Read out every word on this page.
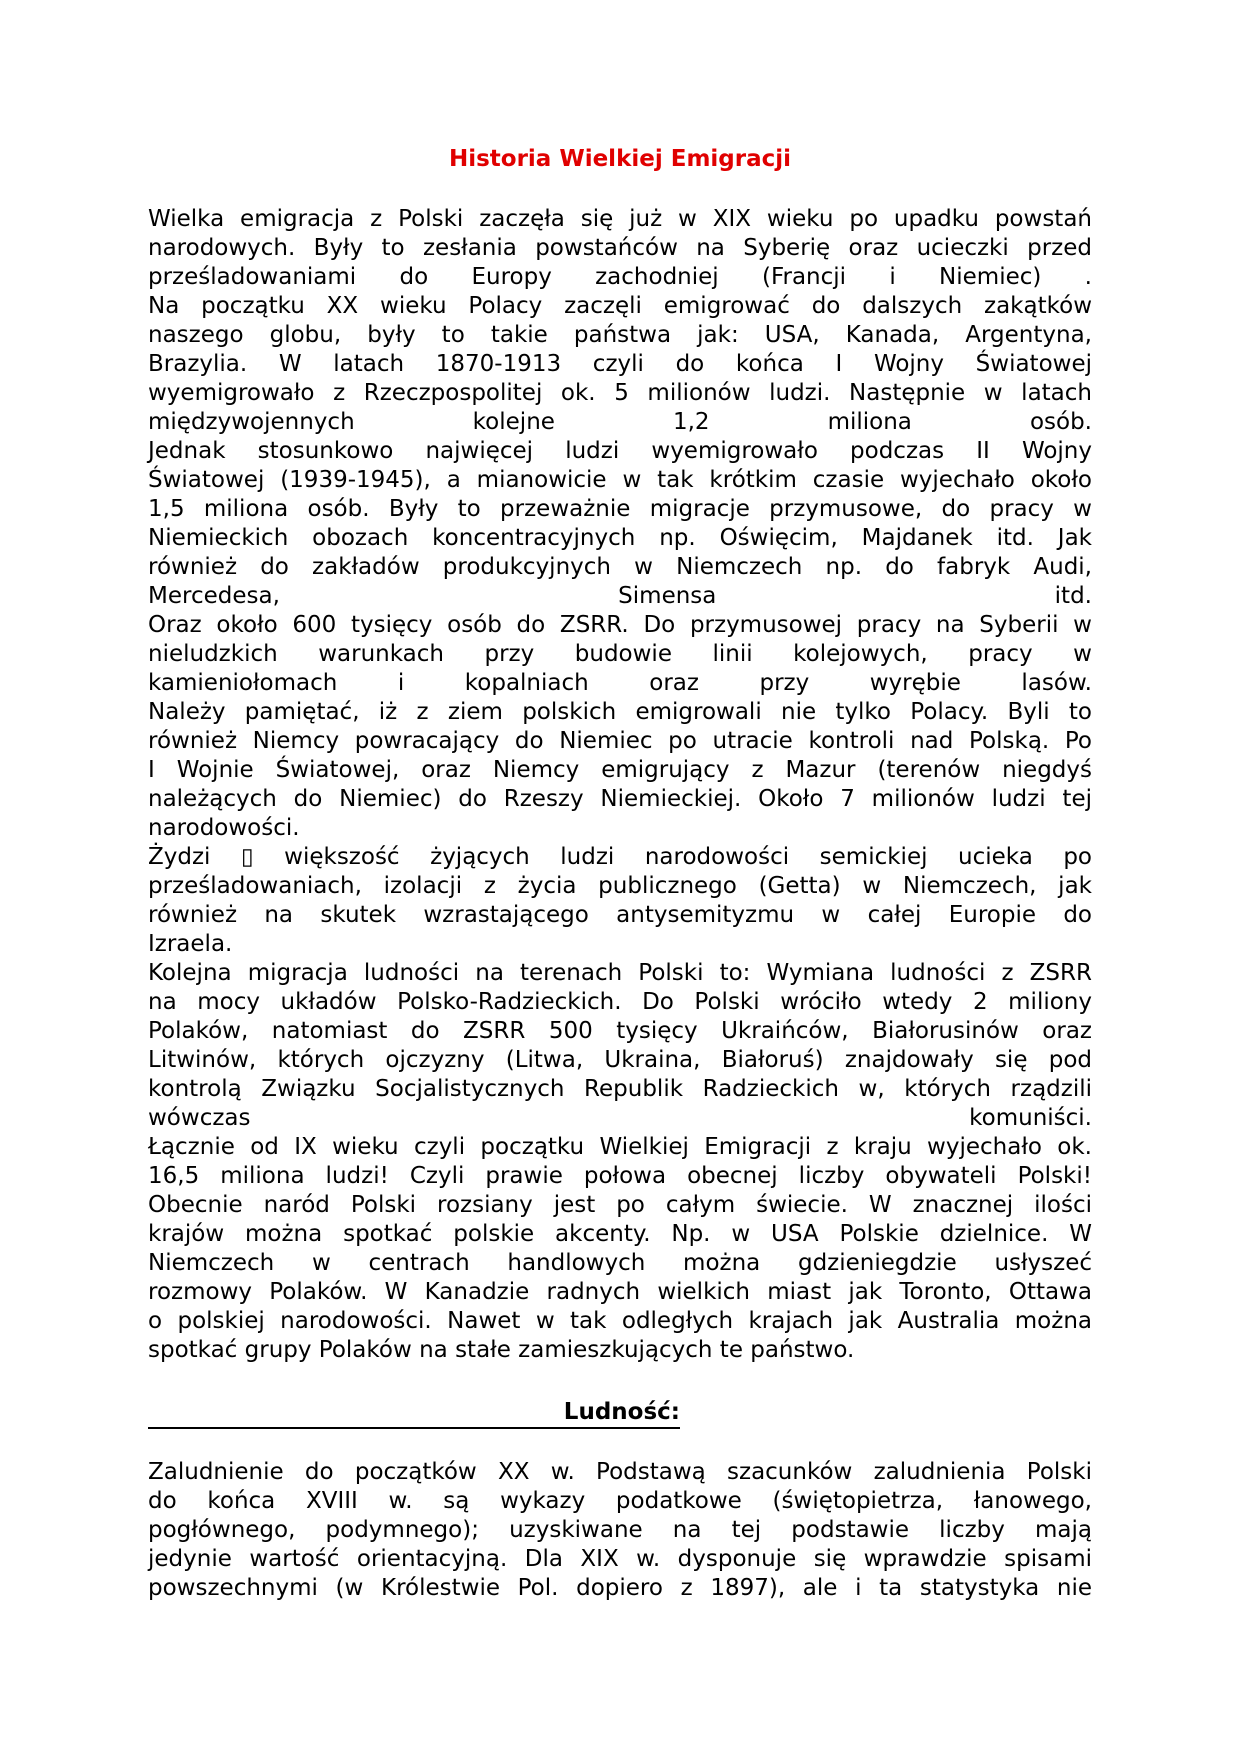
Historia Wielkiej Emigracji
Wielka emigracja z Polski zaczęła się już w XIX wieku po upadku powstań
narodowych. Były to zesłania powstańców na Syberię oraz ucieczki przed
prześladowaniami do Europy zachodniej (Francji i Niemiec) .
Na początku XX wieku Polacy zaczęli emigrować do dalszych zakątków
naszego globu, były to takie państwa jak: USA, Kanada, Argentyna,
Brazylia. W latach 1870-1913 czyli do końca I Wojny Światowej
wyemigrowało z Rzeczpospolitej ok. 5 milionów ludzi. Następnie w latach
międzywojennych kolejne 1,2 miliona osób.
Jednak stosunkowo najwięcej ludzi wyemigrowało podczas II Wojny
Światowej (1939-1945), a mianowicie w tak krótkim czasie wyjechało około
1,5 miliona osób. Były to przeważnie migracje przymusowe, do pracy w
Niemieckich obozach koncentracyjnych np. Oświęcim, Majdanek itd. Jak
również do zakładów produkcyjnych w Niemczech np. do fabryk Audi,
Mercedesa, Simensa itd.
Oraz około 600 tysięcy osób do ZSRR. Do przymusowej pracy na Syberii w
nieludzkich warunkach przy budowie linii kolejowych, pracy w
kamieniołomach i kopalniach oraz przy wyrębie lasów.
Należy pamiętać, iż z ziem polskich emigrowali nie tylko Polacy. Byli to
również Niemcy powracający do Niemiec po utracie kontroli nad Polską. Po
I Wojnie Światowej, oraz Niemcy emigrujący z Mazur (terenów niegdyś
należących do Niemiec) do Rzeszy Niemieckiej. Około 7 milionów ludzi tej
narodowości.
Żydzi ▯ większość żyjących ludzi narodowości semickiej ucieka po
prześladowaniach, izolacji z życia publicznego (Getta) w Niemczech, jak
również na skutek wzrastającego antysemityzmu w całej Europie do
Izraela.
Kolejna migracja ludności na terenach Polski to: Wymiana ludności z ZSRR
na mocy układów Polsko-Radzieckich. Do Polski wróciło wtedy 2 miliony
Polaków, natomiast do ZSRR 500 tysięcy Ukraińców, Białorusinów oraz
Litwinów, których ojczyzny (Litwa, Ukraina, Białoruś) znajdowały się pod
kontrolą Związku Socjalistycznych Republik Radzieckich w, których rządzili
wówczas komuniści.
Łącznie od IX wieku czyli początku Wielkiej Emigracji z kraju wyjechało ok.
16,5 miliona ludzi! Czyli prawie połowa obecnej liczby obywateli Polski!
Obecnie naród Polski rozsiany jest po całym świecie. W znacznej ilości
krajów można spotkać polskie akcenty. Np. w USA Polskie dzielnice. W
Niemczech w centrach handlowych można gdzieniegdzie usłyszeć
rozmowy Polaków. W Kanadzie radnych wielkich miast jak Toronto, Ottawa
o polskiej narodowości. Nawet w tak odległych krajach jak Australia można
spotkać grupy Polaków na stałe zamieszkujących te państwo.
Ludność:
Zaludnienie do początków XX w. Podstawą szacunków zaludnienia Polski
do końca XVIII w. są wykazy podatkowe (świętopietrza, łanowego,
pogłównego, podymnego); uzyskiwane na tej podstawie liczby mają
jedynie wartość orientacyjną. Dla XIX w. dysponuje się wprawdzie spisami
powszechnymi (w Królestwie Pol. dopiero z 1897), ale i ta statystyka nie
